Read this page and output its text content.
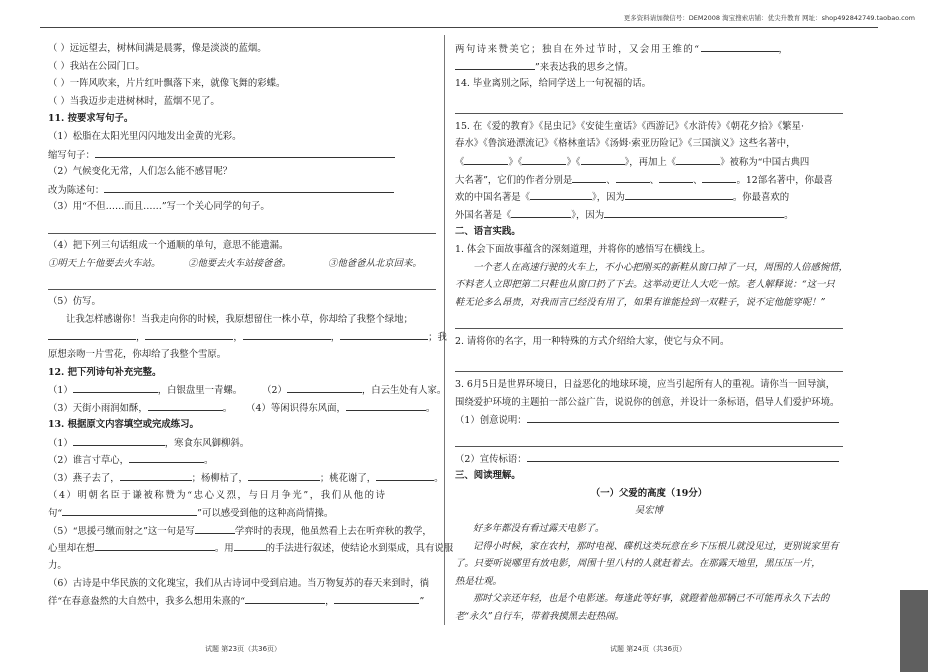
更多资料请加微信号：DEM2008 淘宝搜索店铺：优尖升教育 网址：shop492842749.taobao.com
（ ）远远望去，树林间满是晨雾，像是淡淡的蓝烟。
（ ）我站在公园门口。
（ ）一阵风吹来，片片红叶飘落下来，就像飞舞的彩蝶。
（ ）当我迈步走进树林时，蓝烟不见了。
11. 按要求写句子。
（1）松脂在太阳光里闪闪地发出金黄的光彩。
缩写句子：
（2）气候变化无常，人们怎么能不感冒呢？
改为陈述句：
（3）用“不但……而且……”写一个关心同学的句子。
（4）把下列三句话组成一个通顺的单句，意思不能遗漏。
①明天上午他要去火车站。	②他要去火车站接爸爸。	③他爸爸从北京回来。
（5）仿写。
让我怎样感谢你！当我走向你的时候，我原想留住一株小草，你却给了我整个绿地；
，	，	，	；我
原想亲吻一片雪花，你却给了我整个雪原。
12. 把下列诗句补充完整。
（1）	，白银盘里一青螺。 （2）	，白云生处有人家。
（3）天街小雨润如酥，	。 （4）等闲识得东风面，	。
13. 根据原文内容填空或完成练习。
（1）	，寒食东风御柳斜。
（2）谁言寸草心，	。
（3）燕子去了，	；杨柳枯了，	；桃花谢了，	。
（4）明朝名臣于谦被称赞为“忠心义烈，与日月争光”，我们从他的诗
句“	”可以感受到他的这种高尚情操。
（5）“思援弓缴而射之”这一句是写	学弈时的表现，他虽然看上去在听弈秋的教学，
心里却在想	。用	的手法进行叙述，使结论水到渠成，具有说服
力。
（6）古诗是中华民族的文化瑰宝，我们从古诗词中受到启迪。当万物复苏的春天来到时，徜
徉“在春意盎然的大自然中，我多么想用朱熹的“	，	”
试题 第23页（共36页）
两句诗来赞美它；独自在外过节时，又会用王维的“	，
”来表达我的思乡之情。
14. 毕业离别之际，给同学送上一句祝福的话。
15. 在《爱的教育》《昆虫记》《安徒生童话》《西游记》《水浒传》《朝花夕拾》《繁星·
春水》《鲁滨逊漂流记》《格林童话》《汤姆·索亚历险记》《三国演义》这些名著中，
《	》《	》《	》，再加上《	》被称为“中国古典四
大名著”，它们的作者分别是	、	、	、	。12部名著中，你最喜
欢的中国名著是《	》，因为	。你最喜欢的
外国名著是《	》，因为	。
二、语言实践。
1. 体会下面故事蕴含的深刻道理，并将你的感悟写在横线上。
一个老人在高速行驶的火车上，不小心把刚买的新鞋从窗口掉了一只，周围的人倍感惋惜，
不料老人立即把第二只鞋也从窗口扔了下去。这举动更让人大吃一惊。老人解释说：“这一只
鞋无论多么昂贵，对我而言已经没有用了，如果有谁能捡到一双鞋子，说不定他能穿呢！”
2. 请将你的名字，用一种特殊的方式介绍给大家，使它与众不同。
3. 6月5日是世界环境日，日益恶化的地球环境，应当引起所有人的重视。请你当一回导演，
围绕爱护环境的主题拍一部公益广告，说说你的创意，并设计一条标语，倡导人们爱护环境。
（1）创意说明：
（2）宣传标语：
三、阅读理解。
（一）父爱的高度（19分）
吴宏博
好多年都没有看过露天电影了。
记得小时候，家在农村，那时电视、碟机这类玩意在乡下压根儿就没见过，更别说家里有
了。只要听说哪里有放电影，周围十里八村的人就赶着去。在那露天地里，黑压压一片，
热是壮观。
那时父亲还年轻，也是个电影迷。每逢此等好事，就蹬着他那辆已不可能再永久下去的
老“永久”自行车，带着我摸黑去赶热闹。
试题 第24页（共36页）
